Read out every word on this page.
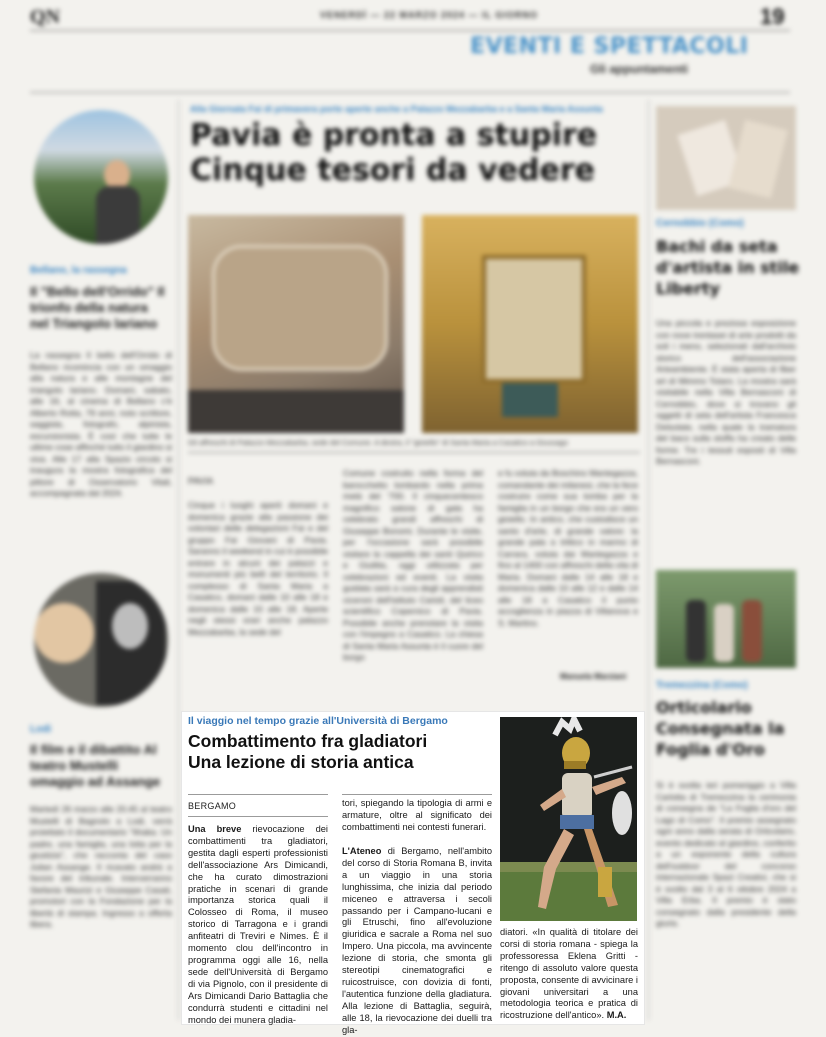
QN	VENERDÌ — 22 MARZO 2024 — IL GIORNO	19
EVENTI E SPETTACOLI
Gli appuntamenti
Bellano, la rassegna
Il "Bello dell'Orrido" Il trionfo della natura nel Triangolo lariano
La rassegna Il bello dell'Orrido di Bellano ricomincia con un omaggio alla natura e alle montagne del triangolo lariano. Domani, sabato, alle 16, al cinema di Bellano c'è Alberto Rotta, 79 anni, noto scrittore, saggista, fotografo, alpinista, escursionista. È così che tutte le ultime cose affinché tutto il giardino si viva. Alle 17 alla Spazio circolo si inaugura la mostra fotografica del pittore di Osservatorio Vitali, accompagnata dal 2024.
Lodi
Il film e il dibattito Al teatro Mustelli omaggio ad Assange
Martedì 26 marzo alle 20.45 al teatro Mustelli di Bagnolo a Lodi, verrà proiettato il documentario "Ithaka. Un padre, una famiglia, una lotta per la giustizia", che racconta del caso Julian Assange. Il ricavato andrà a favore del tribunale. Interverranno Stefania Maurizi e Giuseppe Casati, promotori con la Fondazione per la libertà di stampa. Ingresso a offerta libera.
Alla Giornata Fai di primavera porte aperte anche a Palazzo Mezzabarba e a Santa Maria Assunta
Pavia è pronta a stupire
Cinque tesori da vedere
Gli affreschi di Palazzo Mezzabarba, sede del Comune. A destra, il "gioiello" di Santa Maria a Casatico a Giussago
PAVIA
Cinque i luoghi aperti domani e domenica grazie alla passione dei volontari delle delegazioni Fai e del gruppo Fai Giovani di Pavia. Saranno il weekend in cui è possibile entrare in alcuni dei palazzi e monumenti più belli del territorio. Il complesso di Santa Maria a Casatico, domani dalle 10 alle 18 e domenica dalle 10 alle 18. Aperte negli stessi orari anche palazzo Mezzabarba, la sede del
Comune costruito nella forma del barocchetto lombardo nella prima metà del '700. Il cinquecentesco magnifico salone di gala ha celebrato grandi affreschi di Giuseppe Bonomi. Durante le visite, per l'occasione sarà possibile visitare la cappella dei santi Quirico e Giulitta, oggi utilizzata per celebrazioni ed eventi. La visita guidata sarà a cura degli apprendisti ciceroni dell'istituto Carioli, del liceo scientifico Copernico di Pavia. Possibile anche prenotare la visita con l'impegno a Casatico. La chiesa di Santa Maria Assunta è il cuore del borgo
e fu voluta da Boschino Mantegazza, comandante dei milanesi, che la fece costruire come sua tomba per la famiglia in un borgo che era un vero gioiello. In antico, che custodisce un santo d'arte, di grande valore: la grande pala a trittico in marmo di Carrara, voluta dai Mantegazza e fino al 1400 con affreschi della vita di Maria. Domani dalle 14 alle 18 e domenica dalle 10 alle 12 e dalle 14 alle 18 a Casatico il punto accoglienza in piazza di Villanova e S. Martino.
Manuela Marziani
Cernobbio (Como)
Bachi da seta d'artista in stile Liberty
Una piccola e preziosa esposizione con nove trentasei di arte prodotti da soli i meno, selezionati dall'archivio storico dell'associazione Arteambiente. È stata aperta di fiber art di Mimmo Totaro. La mostra sarà visitabile nella Villa Bernasconi di Cernobbio, dove si trovano gli oggetti di seta dell'artista Francesca Delsolate, nella quale la tramatura del baco sulla stoffa ha creato delle forme. Tre i tessuti esposti di Villa Bernasconi.
Tremezzina (Como)
Orticolario Consegnata la Foglia d'Oro
Si è svolta ieri pomeriggio a Villa Carlotta di Tremezzina la cerimonia di consegna de "La Foglia d'oro del Lago di Como". Il premio assegnato ogni anno dalla serata di Orticolario, evento dedicato al giardino, conferito a un esponente della cultura dell'outdoor del concorso internazionale Spazi Creativi, che si è svolto dal 3 al 6 ottobre 2024 a Villa Erba. Il premio è stato consegnato dalla presidente della giuria.
Il viaggio nel tempo grazie all'Università di Bergamo
Combattimento fra gladiatori
Una lezione di storia antica
BERGAMO

Una breve rievocazione dei combattimenti tra gladiatori, gestita dagli esperti professionisti dell'associazione Ars Dimicandi, che ha curato dimostrazioni pratiche in scenari di grande importanza storica quali il Colosseo di Roma, il museo storico di Tarragona e i grandi anfiteatri di Treviri e Nimes. È il momento clou dell'incontro in programma oggi alle 16, nella sede dell'Università di Bergamo di via Pignolo, con il presidente di Ars Dimicandi Dario Battaglia che condurrà studenti e cittadini nel mondo dei munera gladia-

tori, spiegando la tipologia di armi e armature, oltre al significato dei combattimenti nei contesti funerari.

L'Ateneo di Bergamo, nell'ambito del corso di Storia Romana B, invita a un viaggio in una storia lunghissima, che inizia dal periodo miceneo e attraversa i secoli passando per i Campano-lucani e gli Etruschi, fino all'evoluzione giuridica e sacrale a Roma nel suo Impero. Una piccola, ma avvincente lezione di storia, che smonta gli stereotipi cinematografici e ruicostruisce, con dovizia di fonti, l'autentica funzione della gladiatura. Alla lezione di Battaglia, seguirà, alle 18, la rievocazione dei duelli tra gla-

diatori. «In qualità di titolare dei corsi di storia romana - spiega la professoressa Eklena Gritti - ritengo di assoluto valore questa proposta, consente di avvicinare i giovani universitari a una metodologia teorica e pratica di ricostruzione dell'antico». M.A.
